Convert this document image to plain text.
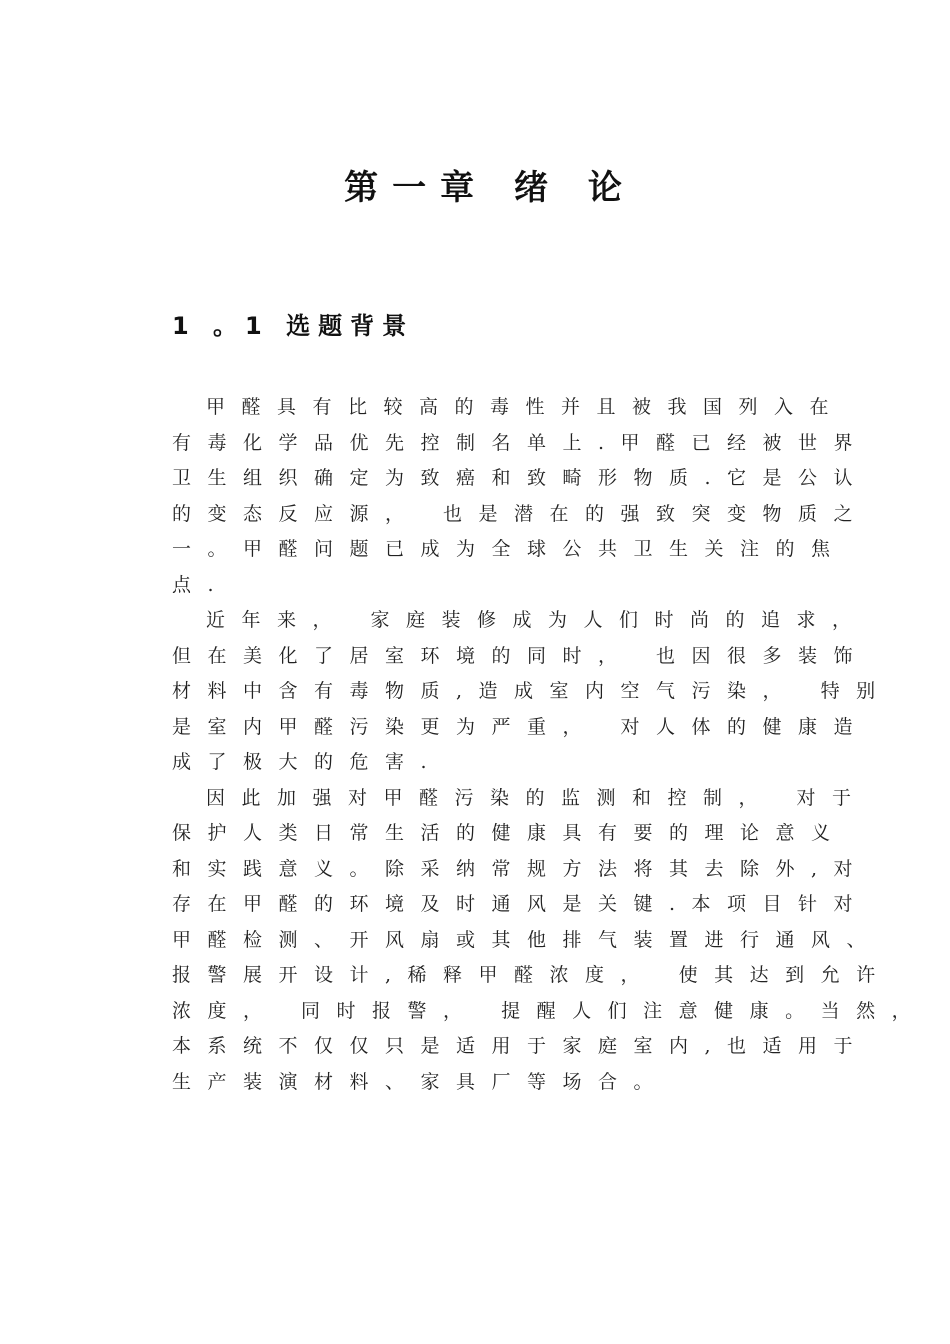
第一章 绪 论
1 。1 选题背景
甲醛具有比较高的毒性并且被我国列入在
有毒化学品优先控制名单上.甲醛已经被世界
卫生组织确定为致癌和致畸形物质.它是公认
的变态反应源， 也是潜在的强致突变物质之
一。甲醛问题已成为全球公共卫生关注的焦
点.
近年来， 家庭装修成为人们时尚的追求，
但在美化了居室环境的同时， 也因很多装饰
材料中含有毒物质,造成室内空气污染， 特别
是室内甲醛污染更为严重， 对人体的健康造
成了极大的危害.
因此加强对甲醛污染的监测和控制， 对于
保护人类日常生活的健康具有要的理论意义
和实践意义。除采纳常规方法将其去除外,对
存在甲醛的环境及时通风是关键.本项目针对
甲醛检测、开风扇或其他排气装置进行通风、
报警展开设计,稀释甲醛浓度， 使其达到允许
浓度， 同时报警， 提醒人们注意健康。当然，
本系统不仅仅只是适用于家庭室内,也适用于
生产装演材料、家具厂等场合。
